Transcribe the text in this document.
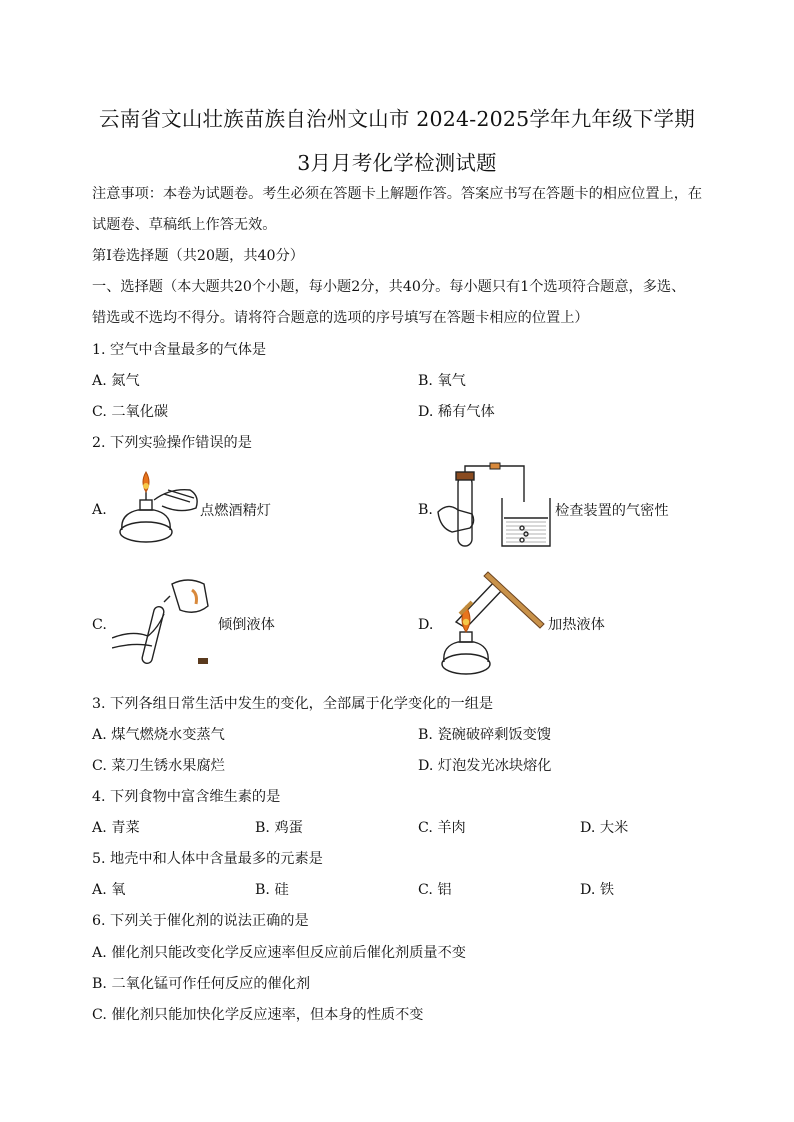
云南省文山壮族苗族自治州文山市 2024-2025学年九年级下学期
3月月考化学检测试题
注意事项：本卷为试题卷。考生必须在答题卡上解题作答。答案应书写在答题卡的相应位置上，在
试题卷、草稿纸上作答无效。
第Ⅰ卷选择题（共20题，共40分）
一、选择题（本大题共20个小题，每小题2分，共40分。每小题只有1个选项符合题意，多选、
错选或不选均不得分。请将符合题意的选项的序号填写在答题卡相应的位置上）
1. 空气中含量最多的气体是
A. 氮气	B. 氧气
C. 二氧化碳	D. 稀有气体
2. 下列实验操作错误的是
A.	点燃酒精灯	B.	检查装置的气密性
C.	倾倒液体	D.	加热液体
3. 下列各组日常生活中发生的变化，全部属于化学变化的一组是
A. 煤气燃烧水变蒸气	B. 瓷碗破碎剩饭变馊
C. 菜刀生锈水果腐烂	D. 灯泡发光冰块熔化
4. 下列食物中富含维生素的是
A. 青菜	B. 鸡蛋	C. 羊肉	D. 大米
5. 地壳中和人体中含量最多的元素是
A. 氧	B. 硅	C. 铝	D. 铁
6. 下列关于催化剂的说法正确的是
A. 催化剂只能改变化学反应速率但反应前后催化剂质量不变
B. 二氧化锰可作任何反应的催化剂
C. 催化剂只能加快化学反应速率，但本身的性质不变
